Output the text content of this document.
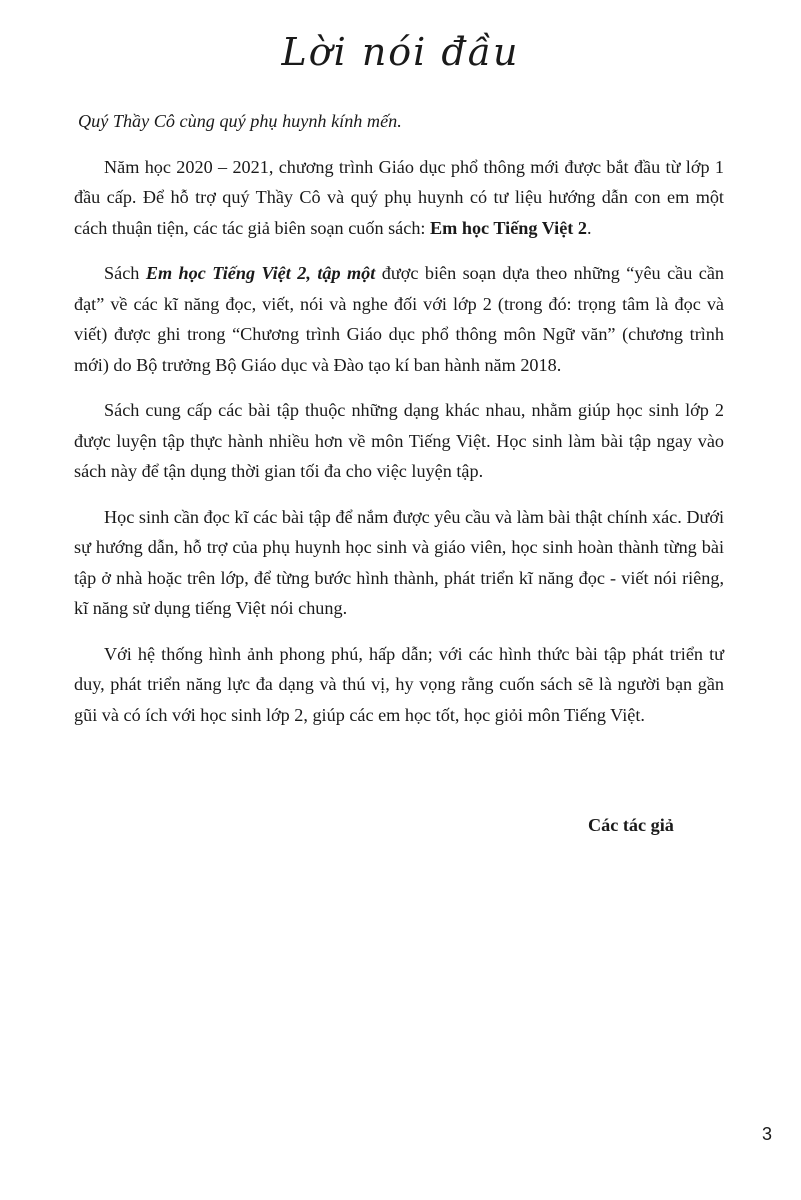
Lời nói đầu

Quý Thầy Cô cùng quý phụ huynh kính mến.

Năm học 2020 – 2021, chương trình Giáo dục phổ thông mới được bắt đầu từ lớp 1 đầu cấp. Để hỗ trợ quý Thầy Cô và quý phụ huynh có tư liệu hướng dẫn con em một cách thuận tiện, các tác giả biên soạn cuốn sách: Em học Tiếng Việt 2.

Sách Em học Tiếng Việt 2, tập một được biên soạn dựa theo những “yêu cầu cần đạt” về các kĩ năng đọc, viết, nói và nghe đối với lớp 2 (trong đó: trọng tâm là đọc và viết) được ghi trong “Chương trình Giáo dục phổ thông môn Ngữ văn” (chương trình mới) do Bộ trưởng Bộ Giáo dục và Đào tạo kí ban hành năm 2018.

Sách cung cấp các bài tập thuộc những dạng khác nhau, nhằm giúp học sinh lớp 2 được luyện tập thực hành nhiều hơn về môn Tiếng Việt. Học sinh làm bài tập ngay vào sách này để tận dụng thời gian tối đa cho việc luyện tập.

Học sinh cần đọc kĩ các bài tập để nắm được yêu cầu và làm bài thật chính xác. Dưới sự hướng dẫn, hỗ trợ của phụ huynh học sinh và giáo viên, học sinh hoàn thành từng bài tập ở nhà hoặc trên lớp, để từng bước hình thành, phát triển kĩ năng đọc - viết nói riêng, kĩ năng sử dụng tiếng Việt nói chung.

Với hệ thống hình ảnh phong phú, hấp dẫn; với các hình thức bài tập phát triển tư duy, phát triển năng lực đa dạng và thú vị, hy vọng rằng cuốn sách sẽ là người bạn gần gũi và có ích với học sinh lớp 2, giúp các em học tốt, học giỏi môn Tiếng Việt.

Các tác giả

3
